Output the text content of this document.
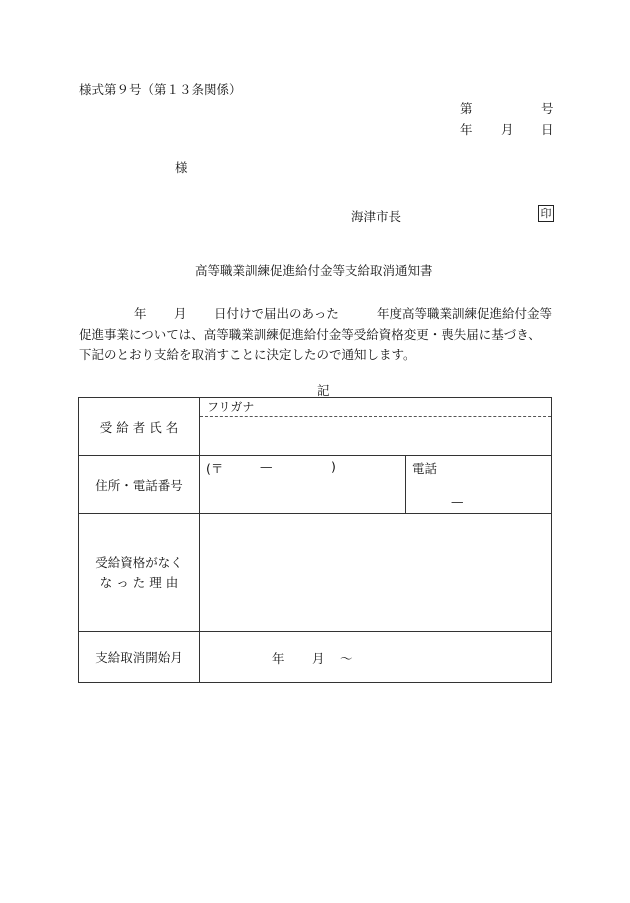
様式第９号（第１３条関係）
第	号
年 月 日
様
海津市長	印
高等職業訓練促進給付金等支給取消通知書
年 月 日付けで届出のあった	年度高等職業訓練促進給付金等
促進事業については、高等職業訓練促進給付金等受給資格変更・喪失届に基づき、
下記のとおり支給を取消すことに決定したので通知します。
記
受 給 者 氏 名	フリガナ

住所・電話番号	(〒 — ) 電話
—

受給資格がなく
な っ た 理 由	

支給取消開始月	年 月 ～
